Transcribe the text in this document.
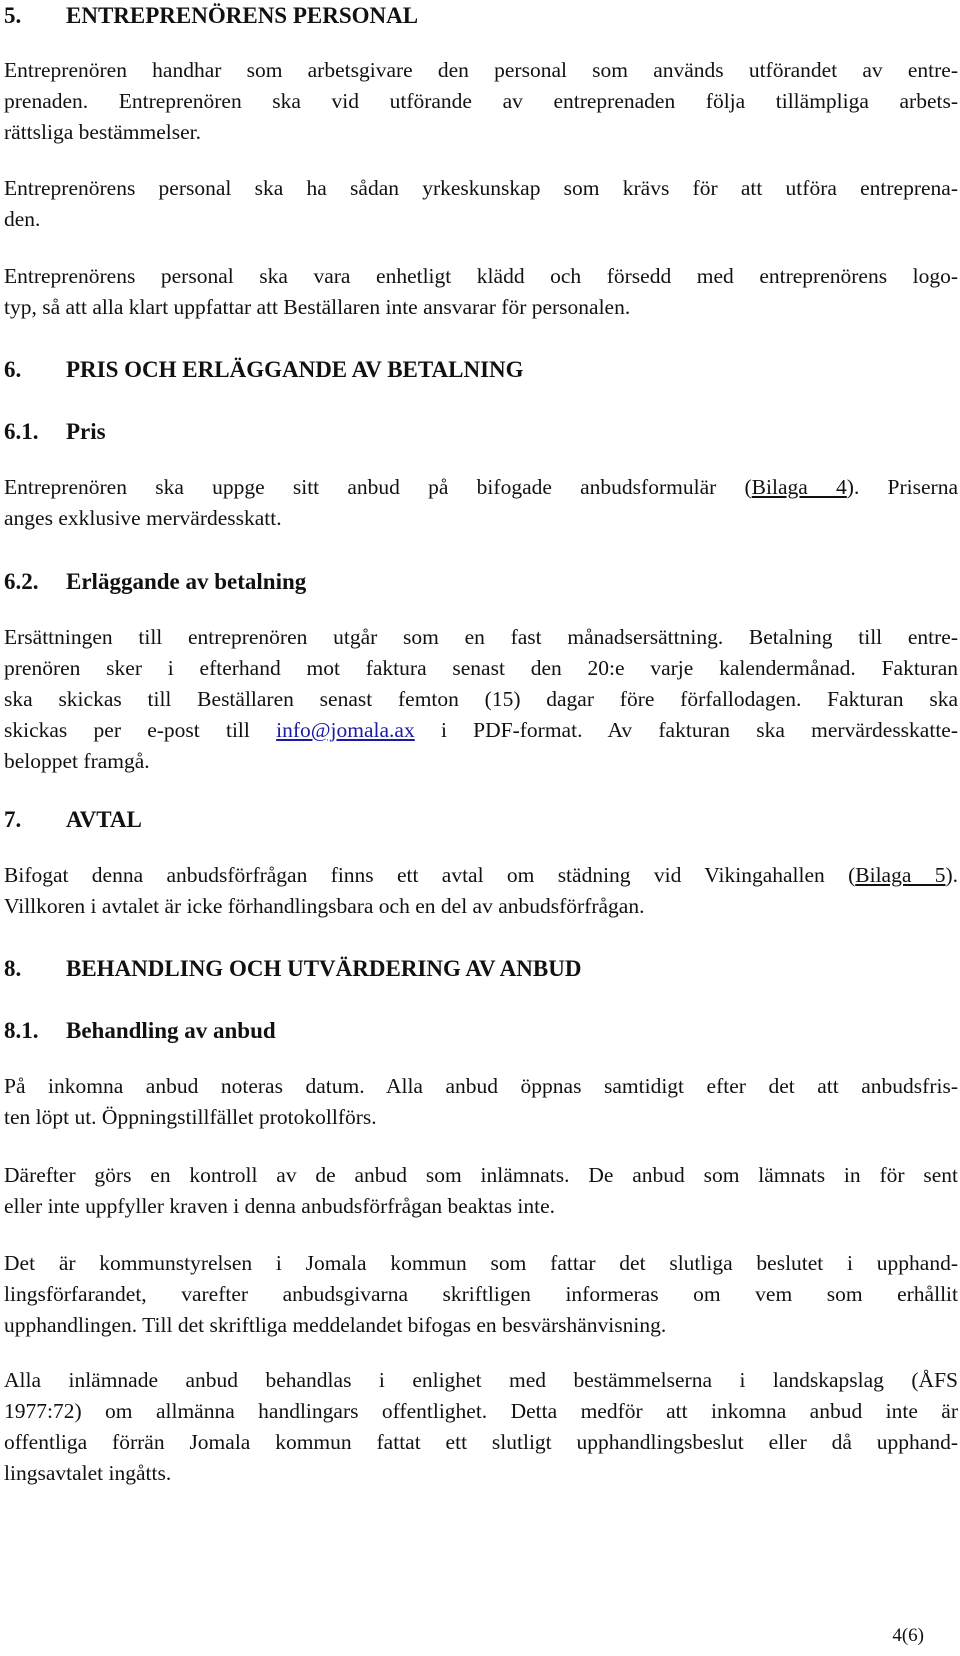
5. ENTREPRENÖRENS PERSONAL
Entreprenören handhar som arbetsgivare den personal som används utförandet av entre-
prenaden. Entreprenören ska vid utförande av entreprenaden följa tillämpliga arbets-
rättsliga bestämmelser.
Entreprenörens personal ska ha sådan yrkeskunskap som krävs för att utföra entreprena-
den.
Entreprenörens personal ska vara enhetligt klädd och försedd med entreprenörens logo-
typ, så att alla klart uppfattar att Beställaren inte ansvarar för personalen.
6. PRIS OCH ERLÄGGANDE AV BETALNING
6.1. Pris
Entreprenören ska uppge sitt anbud på bifogade anbudsformulär (Bilaga 4). Priserna
anges exklusive mervärdesskatt.
6.2. Erläggande av betalning
Ersättningen till entreprenören utgår som en fast månadsersättning. Betalning till entre-
prenören sker i efterhand mot faktura senast den 20:e varje kalendermånad. Fakturan
ska skickas till Beställaren senast femton (15) dagar före förfallodagen. Fakturan ska
skickas per e-post till info@jomala.ax i PDF-format. Av fakturan ska mervärdesskatte-
beloppet framgå.
7. AVTAL
Bifogat denna anbudsförfrågan finns ett avtal om städning vid Vikingahallen (Bilaga 5).
Villkoren i avtalet är icke förhandlingsbara och en del av anbudsförfrågan.
8. BEHANDLING OCH UTVÄRDERING AV ANBUD
8.1. Behandling av anbud
På inkomna anbud noteras datum. Alla anbud öppnas samtidigt efter det att anbudsfris-
ten löpt ut. Öppningstillfället protokollförs.
Därefter görs en kontroll av de anbud som inlämnats. De anbud som lämnats in för sent
eller inte uppfyller kraven i denna anbudsförfrågan beaktas inte.
Det är kommunstyrelsen i Jomala kommun som fattar det slutliga beslutet i upphand-
lingsförfarandet, varefter anbudsgivarna skriftligen informeras om vem som erhållit
upphandlingen. Till det skriftliga meddelandet bifogas en besvärshänvisning.
Alla inlämnade anbud behandlas i enlighet med bestämmelserna i landskapslag (ÅFS
1977:72) om allmänna handlingars offentlighet. Detta medför att inkomna anbud inte är
offentliga förrän Jomala kommun fattat ett slutligt upphandlingsbeslut eller då upphand-
lingsavtalet ingåtts.
4(6)
